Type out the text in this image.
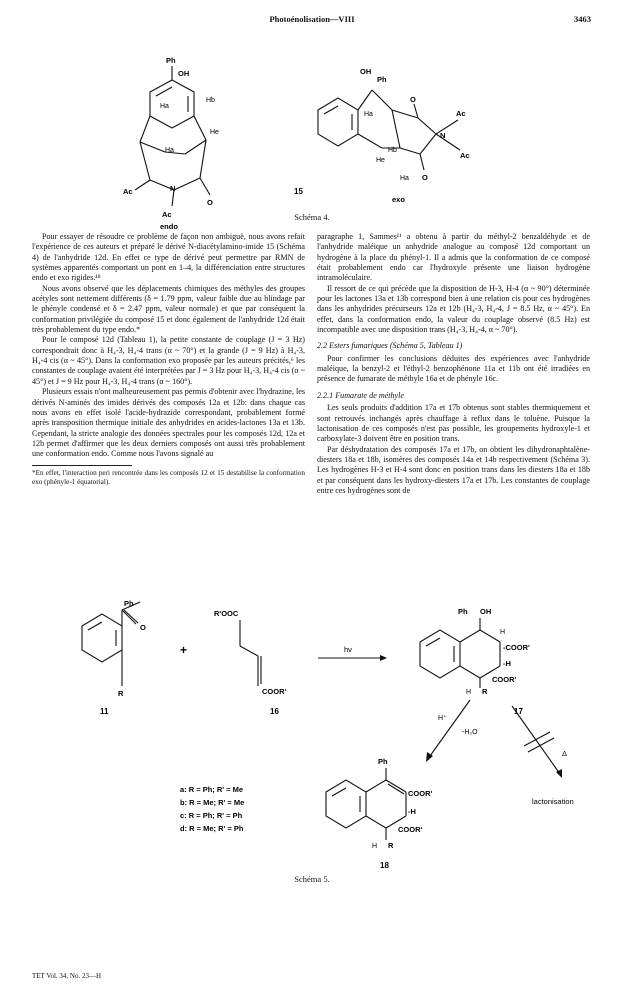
Photoénolisation—VIII	3463
Ph
OH
Ha
Hb
He
Ha
Ac	N
O
Ac
endo
15
OH
Ph
Ha
Hb
He
Ha
O
O
N
Ac
Ac
exo
Schéma 4.

Pour essayer de résoudre ce problème de façon non ambiguë, nous avons refait l'expérience de ces auteurs et préparé le dérivé N-diacétylamino-imide 15 (Schéma 4) de l'anhydride 12d. En effet ce type de dérivé peut permettre par RMN de systèmes apparentés comportant un pont en 1–4, la différenciation entre structures endo et exo rigides.¹⁸

Nous avons observé que les déplacements chimiques des méthyles des groupes acétyles sont nettement différents (δ = 1.79 ppm, valeur faible due au blindage par le phényle condensé et δ = 2.47 ppm, valeur normale) et que par conséquent la conformation privilégiée du composé 15 et donc également de l'anhydride 12d était très probablement du type endo.*

Pour le composé 12d (Tableau 1), la petite constante de couplage (J = 3 Hz) correspondrait donc à H₄-3, H₄-4 trans (α ~ 70°) et la grande (J = 9 Hz) à H₄-3, H₄-4 cis (α ~ 45°). Dans la conformation exo proposée par les auteurs précités,⁶ les constantes de couplage avaient été interprétées par J = 3 Hz pour H₄-3, H₄-4 cis (α ~ 45°) et J = 9 Hz pour H₄-3, H₄-4 trans (α ~ 160°).

Plusieurs essais n'ont malheureusement pas permis d'obtenir avec l'hydrazine, les dérivés N-aminés des imides dérivés des composés 12a et 12b: dans chaque cas nous avons en effet isolé l'acide-hydrazide correspondant, probablement formé après transposition thermique initiale des anhydrides en acides-lactones 13a et 13b. Cependant, la stricte analogie des données spectrales pour les composés 12d, 12a et 12b permet d'affirmer que les deux derniers composés ont aussi très probablement une conformation endo. Comme nous l'avons signalé au

*En effet, l'interaction peri rencontrée dans les composés 12 et 15 destabilise la conformation exo (phényle-1 équatorial).

paragraphe 1, Sammes¹¹ a obtenu à partir du méthyl-2 benzaldéhyde et de l'anhydride maléique un anhydride analogue au composé 12d comportant un hydrogène à la place du phényl-1. Il a admis que la conformation de ce composé était probablement endo car l'hydroxyle présente une liaison hydrogène intramoléculaire.

Il ressort de ce qui précède que la disposition de H-3, H-4 (α ~ 90°) déterminée pour les lactones 13a et 13b correspond bien à une relation cis pour ces hydrogènes dans les anhydrides précurseurs 12a et 12b (H₄-3, H₄-4, J = 8.5 Hz, α ~ 45°). En effet, dans la conformation endo, la valeur du couplage observé (8.5 Hz) est incompatible avec une disposition trans (H₄-3, H₄-4, α ~ 70°).

2.2 Esters fumariques (Schéma 5, Tableau 1)

Pour confirmer les conclusions déduites des expériences avec l'anhydride maléique, la benzyl-2 et l'éthyl-2 benzophénone 11a et 11b ont été irradiées en présence de fumarate de méthyle 16a et de phényle 16c.

2.2.1 Fumarate de méthyle

Les seuls produits d'addition 17a et 17b obtenus sont stables thermiquement et sont retrouvés inchangés après chauffage à reflux dans le toluène. Puisque la lactonisation de ces composés n'est pas possible, les groupements hydroxyle-1 et carboxylate-3 doivent être en position trans.

Par déshydratation des composés 17a et 17b, on obtient les dihydronaphtalène-diesters 18a et 18b, isomères des composés 14a et 14b respectivement (Schéma 3). Les hydrogènes H-3 et H-4 sont donc en position trans dans les diesters 18a et 18b et par conséquent dans les hydroxy-diesters 17a et 17b. Les constantes de couplage entre ces hydrogènes sont de

Ph
O
R
11
+
R'OOC
COOR'
16
hν
Ph OH
H
-COOR'
-H
COOR'
H R
17
H⁺
-H₂O
Δ
lactonisation
Ph
COOR'
-H
COOR'
H R
18
a: R = Ph; R' = Me
b: R = Me; R' = Me
c: R = Ph; R' = Ph
d: R = Me; R' = Ph
Schéma 5.
TET Vol. 34, No. 23—H
